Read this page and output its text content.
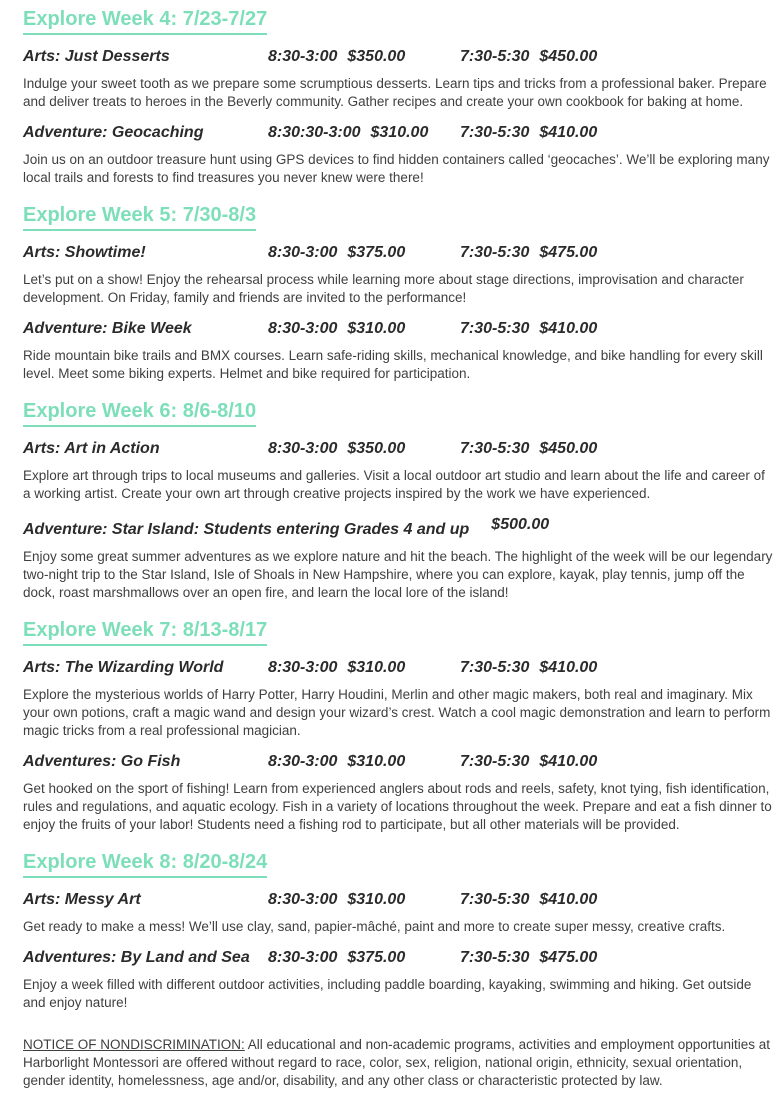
Explore Week 4: 7/23-7/27
Arts: Just Desserts	8:30-3:00 $350.00	7:30-5:30 $450.00

Indulge your sweet tooth as we prepare some scrumptious desserts. Learn tips and tricks from a professional baker. Prepare and deliver treats to heroes in the Beverly community. Gather recipes and create your own cookbook for baking at home.

Adventure: Geocaching	8:30:30-3:00 $310.00 7:30-5:30 $410.00

Join us on an outdoor treasure hunt using GPS devices to find hidden containers called ‘geocaches’. We’ll be exploring many local trails and forests to find treasures you never knew were there!

Explore Week 5: 7/30-8/3
Arts: Showtime!	8:30-3:00 $375.00	7:30-5:30 $475.00

Let’s put on a show! Enjoy the rehearsal process while learning more about stage directions, improvisation and character development. On Friday, family and friends are invited to the performance!

Adventure: Bike Week	8:30-3:00 $310.00	7:30-5:30 $410.00

Ride mountain bike trails and BMX courses. Learn safe-riding skills, mechanical knowledge, and bike handling for every skill level. Meet some biking experts. Helmet and bike required for participation.

Explore Week 6: 8/6-8/10
Arts: Art in Action	8:30-3:00 $350.00	7:30-5:30 $450.00

Explore art through trips to local museums and galleries. Visit a local outdoor art studio and learn about the life and career of a working artist. Create your own art through creative projects inspired by the work we have experienced.

Adventure: Star Island: Students entering Grades 4 and up	$500.00

Enjoy some great summer adventures as we explore nature and hit the beach. The highlight of the week will be our legendary two-night trip to the Star Island, Isle of Shoals in New Hampshire, where you can explore, kayak, play tennis, jump off the dock, roast marshmallows over an open fire, and learn the local lore of the island!

Explore Week 7: 8/13-8/17
Arts: The Wizarding World	8:30-3:00 $310.00	7:30-5:30 $410.00

Explore the mysterious worlds of Harry Potter, Harry Houdini, Merlin and other magic makers, both real and imaginary. Mix your own potions, craft a magic wand and design your wizard’s crest. Watch a cool magic demonstration and learn to perform magic tricks from a real professional magician.

Adventures: Go Fish	8:30-3:00 $310.00	7:30-5:30 $410.00

Get hooked on the sport of fishing! Learn from experienced anglers about rods and reels, safety, knot tying, fish identification, rules and regulations, and aquatic ecology. Fish in a variety of locations throughout the week. Prepare and eat a fish dinner to enjoy the fruits of your labor! Students need a fishing rod to participate, but all other materials will be provided.

Explore Week 8: 8/20-8/24
Arts: Messy Art	8:30-3:00 $310.00	7:30-5:30 $410.00

Get ready to make a mess! We’ll use clay, sand, papier-mâché, paint and more to create super messy, creative crafts.

Adventures: By Land and Sea	8:30-3:00 $375.00	7:30-5:30 $475.00

Enjoy a week filled with different outdoor activities, including paddle boarding, kayaking, swimming and hiking. Get outside and enjoy nature!

NOTICE OF NONDISCRIMINATION: All educational and non-academic programs, activities and employment opportunities at Harborlight Montessori are offered without regard to race, color, sex, religion, national origin, ethnicity, sexual orientation, gender identity, homelessness, age and/or, disability, and any other class or characteristic protected by law.
